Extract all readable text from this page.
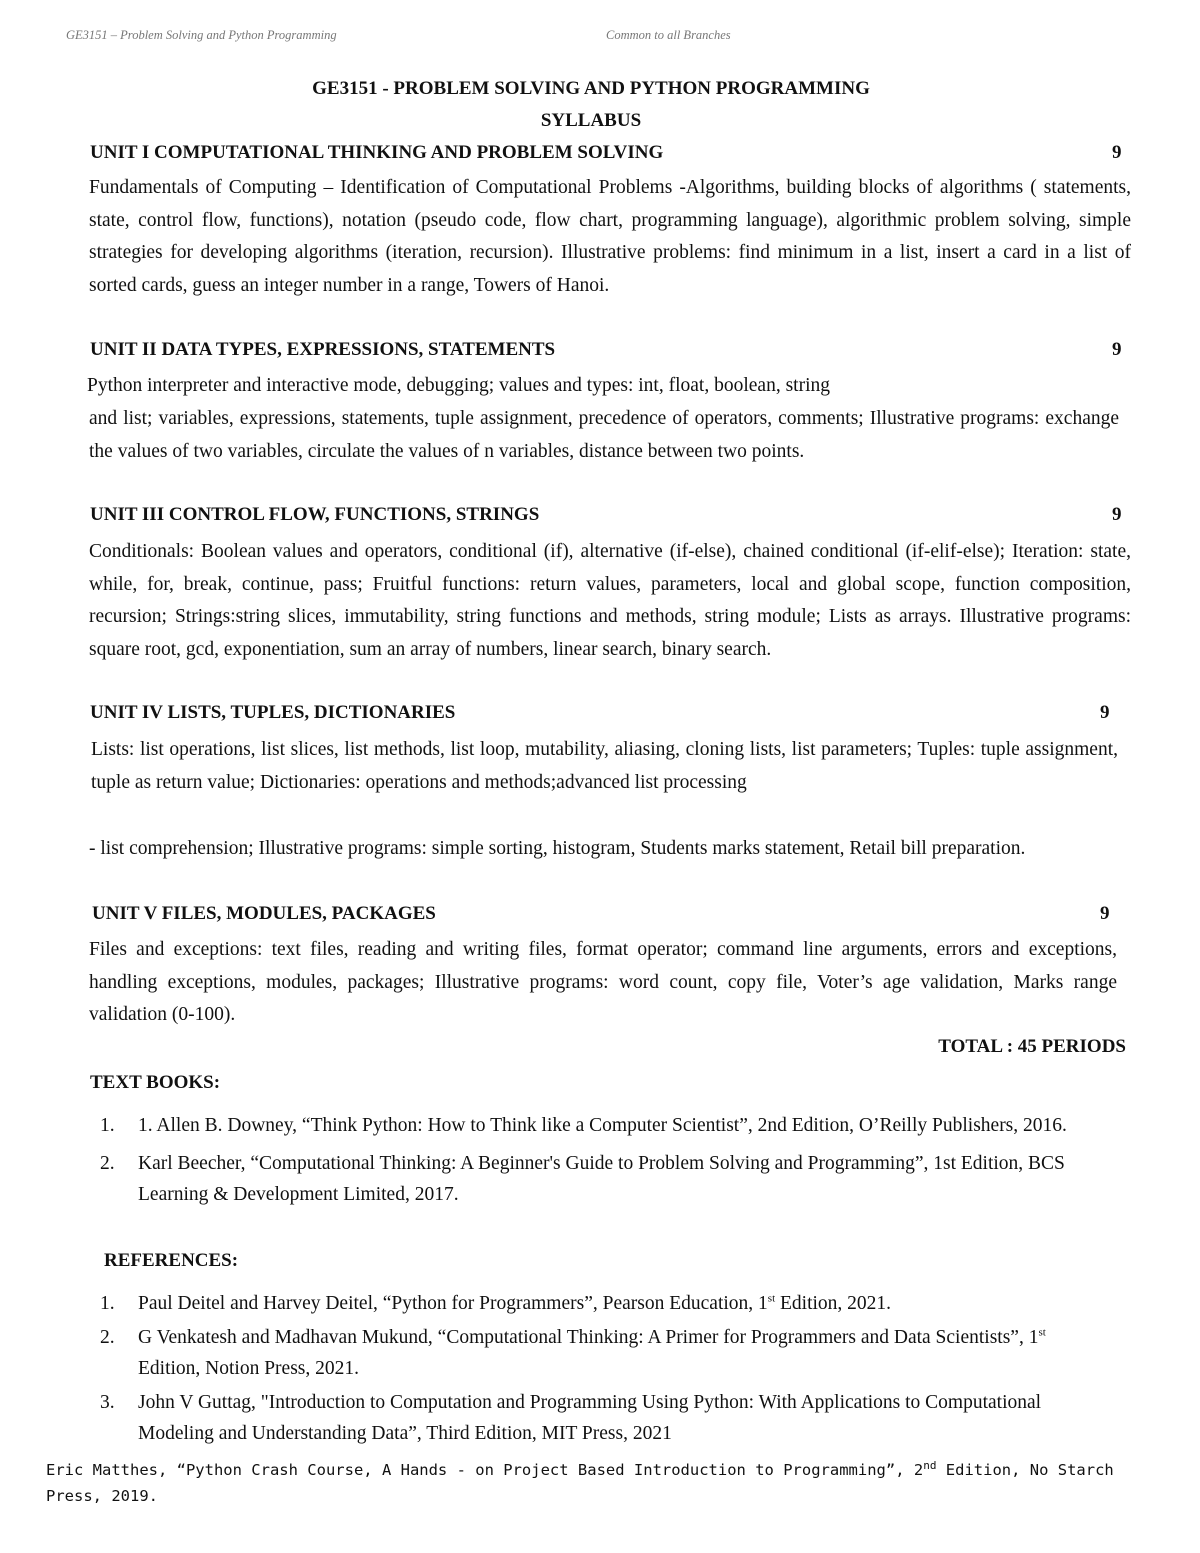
GE3151 – Problem Solving and Python Programming	Common to all Branches
GE3151 - PROBLEM SOLVING AND PYTHON PROGRAMMING
SYLLABUS
UNIT I COMPUTATIONAL THINKING AND PROBLEM SOLVING	9
Fundamentals of Computing – Identification of Computational Problems -Algorithms, building blocks of algorithms ( statements, state, control flow, functions), notation (pseudo code, flow chart, programming language), algorithmic problem solving, simple strategies for developing algorithms (iteration, recursion). Illustrative problems: find minimum in a list, insert a card in a list of sorted cards, guess an integer number in a range, Towers of Hanoi.
UNIT II DATA TYPES, EXPRESSIONS, STATEMENTS	9
Python interpreter and interactive mode, debugging; values and types: int, float, boolean, string
and list; variables, expressions, statements, tuple assignment, precedence of operators, comments; Illustrative programs: exchange the values of two variables, circulate the values of n variables, distance between two points.
UNIT III CONTROL FLOW, FUNCTIONS, STRINGS	9
Conditionals: Boolean values and operators, conditional (if), alternative (if-else), chained conditional (if-elif-else); Iteration: state, while, for, break, continue, pass; Fruitful functions: return values, parameters, local and global scope, function composition, recursion; Strings:string slices, immutability, string functions and methods, string module; Lists as arrays. Illustrative programs: square root, gcd, exponentiation, sum an array of numbers, linear search, binary search.
UNIT IV LISTS, TUPLES, DICTIONARIES	9
Lists: list operations, list slices, list methods, list loop, mutability, aliasing, cloning lists, list parameters; Tuples: tuple assignment, tuple as return value; Dictionaries: operations and methods;advanced list processing
- list comprehension; Illustrative programs: simple sorting, histogram, Students marks statement, Retail bill preparation.
UNIT V FILES, MODULES, PACKAGES	9
Files and exceptions: text files, reading and writing files, format operator; command line arguments, errors and exceptions, handling exceptions, modules, packages; Illustrative programs: word count, copy file, Voter’s age validation, Marks range validation (0-100).
TOTAL : 45 PERIODS
TEXT BOOKS:
1. 1. Allen B. Downey, “Think Python: How to Think like a Computer Scientist”, 2nd Edition, O’Reilly Publishers, 2016.
2. Karl Beecher, “Computational Thinking: A Beginner's Guide to Problem Solving and Programming”, 1st Edition, BCS Learning & Development Limited, 2017.
REFERENCES:
1. Paul Deitel and Harvey Deitel, “Python for Programmers”, Pearson Education, 1st Edition, 2021.
2. G Venkatesh and Madhavan Mukund, “Computational Thinking: A Primer for Programmers and Data Scientists”, 1st Edition, Notion Press, 2021.
3. John V Guttag, "Introduction to Computation and Programming Using Python: With Applications to Computational Modeling and Understanding Data”, Third Edition, MIT Press, 2021
Eric Matthes, “Python Crash Course, A Hands - on Project Based Introduction to Programming”, 2nd Edition, No Starch Press, 2019.
